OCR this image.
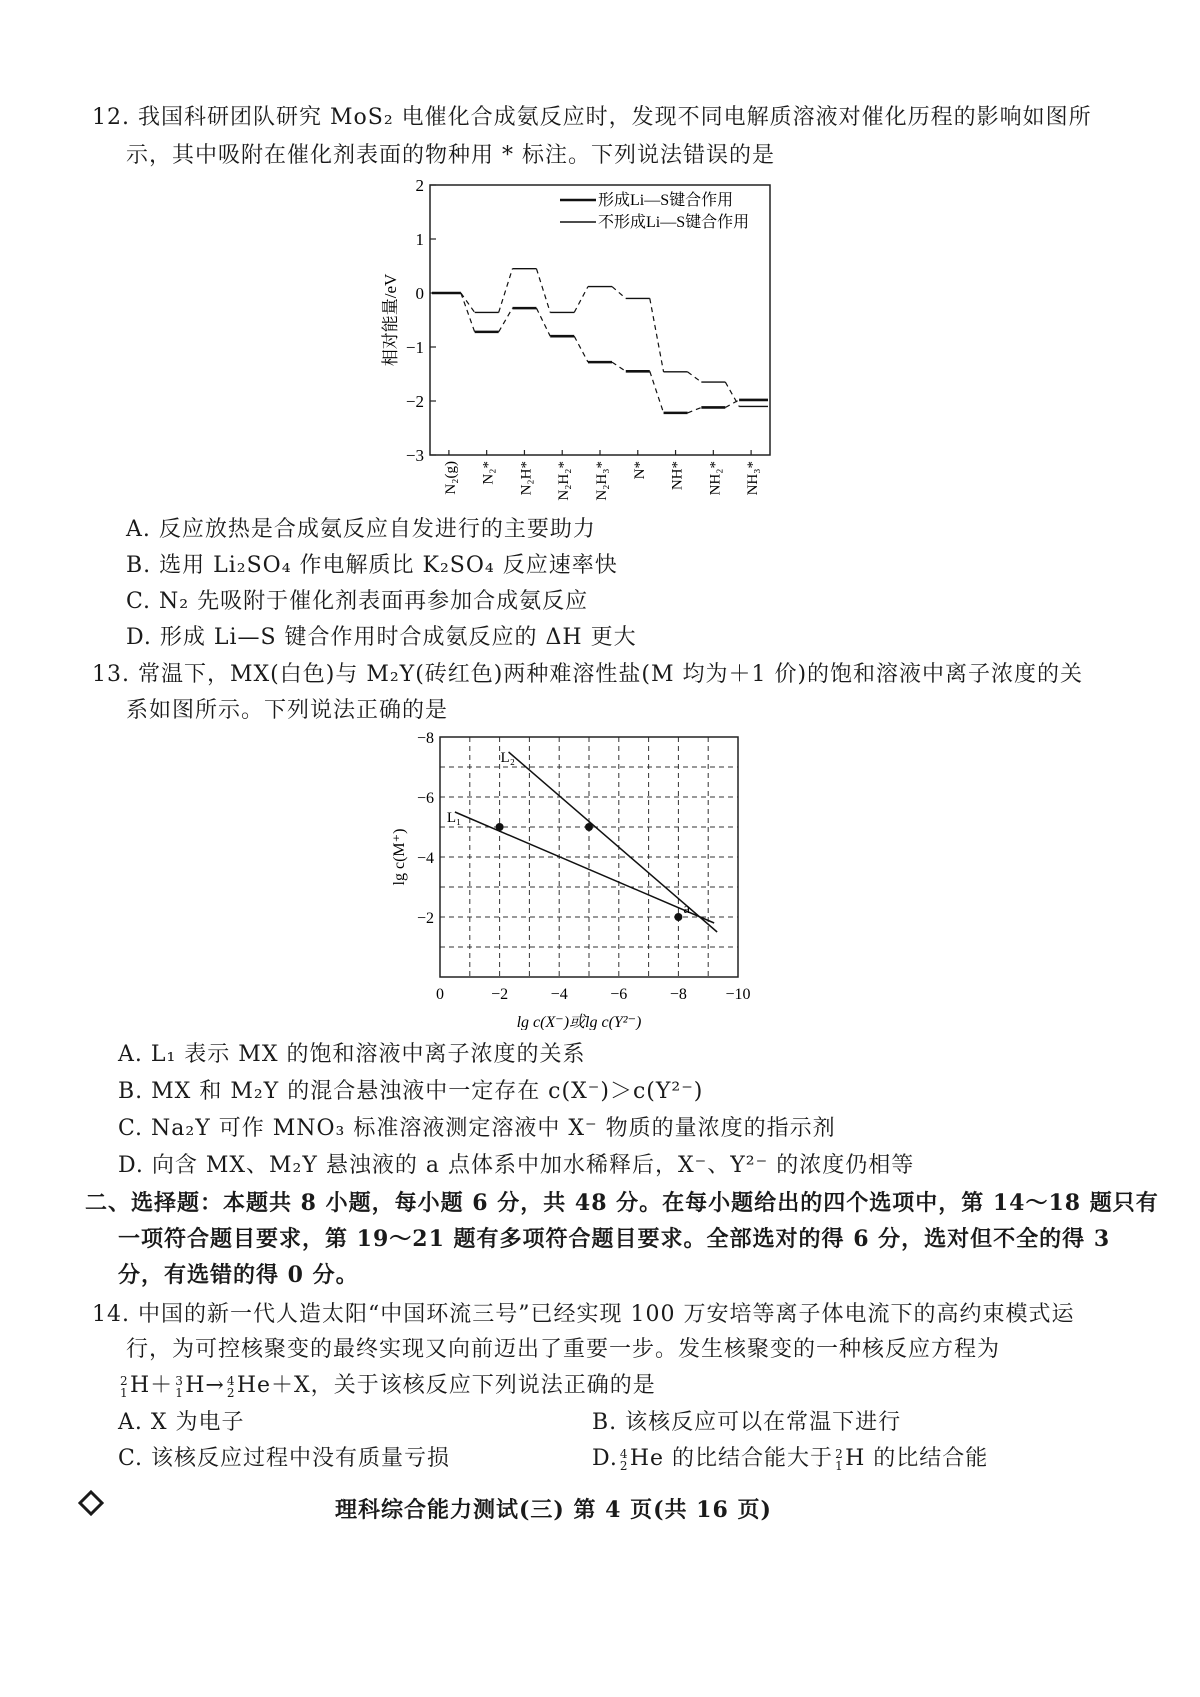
12. 我国科研团队研究 MoS₂ 电催化合成氨反应时，发现不同电解质溶液对催化历程的影响如图所
示，其中吸附在催化剂表面的物种用 * 标注。下列说法错误的是
−3
−2
−1
0
1
2
N₂(g) N₂* N₂H* N₂H₂* N₂H₃* N* NH* NH₂* NH₃*
相对能量/eV
形成Li—S键合作用
不形成Li—S键合作用
A. 反应放热是合成氨反应自发进行的主要助力
B. 选用 Li₂SO₄ 作电解质比 K₂SO₄ 反应速率快
C. N₂ 先吸附于催化剂表面再参加合成氨反应
D. 形成 Li—S 键合作用时合成氨反应的 ΔH 更大
13. 常温下，MX(白色)与 M₂Y(砖红色)两种难溶性盐(M 均为＋1 价)的饱和溶液中离子浓度的关
系如图所示。下列说法正确的是
0	−2	−4	−6	−8 −10
−2
−4
−6
−8
lg c(X⁻)或lg c(Y²⁻)
lg c(M⁺)
L₁
L₂
a
A. L₁ 表示 MX 的饱和溶液中离子浓度的关系
B. MX 和 M₂Y 的混合悬浊液中一定存在 c(X⁻)＞c(Y²⁻)
C. Na₂Y 可作 MNO₃ 标准溶液测定溶液中 X⁻ 物质的量浓度的指示剂
D. 向含 MX、M₂Y 悬浊液的 a 点体系中加水稀释后，X⁻、Y²⁻ 的浓度仍相等
二、选择题：本题共 8 小题，每小题 6 分，共 48 分。在每小题给出的四个选项中，第 14～18 题只有
一项符合题目要求，第 19～21 题有多项符合题目要求。全部选对的得 6 分，选对但不全的得 3
分，有选错的得 0 分。
14. 中国的新一代人造太阳“中国环流三号”已经实现 100 万安培等离子体电流下的高约束模式运
行，为可控核聚变的最终实现又向前迈出了重要一步。发生核聚变的一种核反应方程为
2
1 H＋ 3
1 H→ 4
2 He＋X，关于该核反应下列说法正确的是
A. X 为电子	B. 该核反应可以在常温下进行
C. 该核反应过程中没有质量亏损	D. 4
2 He 的比结合能大于 2
1 H 的比结合能
理科综合能力测试(三) 第 4 页(共 16 页)
